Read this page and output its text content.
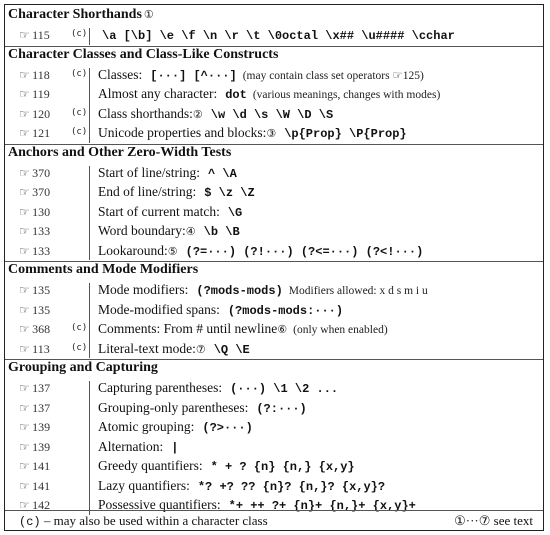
Character Shorthands ①
☞  115 (c) \a [\b] \e \f \n \r \t \0octal \x## \u#### \cchar
Character Classes and Class-Like Constructs
☞  118 (c) Classes: [···] [^···] (may contain class set operators ☞125)
☞  119	Almost any character: dot (various meanings, changes with modes)
☞  120 (c) Class shorthands:② \w \d \s \W \D \S
☞  121 (c) Unicode properties and blocks:③ \p{Prop} \P{Prop}
Anchors and Other Zero-Width Tests
☞  370	Start of line/string: ^ \A
☞  370	End of line/string: $ \z \Z
☞  130	Start of current match: \G
☞  133	Word boundary:④ \b \B
☞  133	Lookaround:⑤ (?=···) (?!···) (?<=···) (?<!···)
Comments and Mode Modifiers
☞  135	Mode modifiers: (?mods-mods) Modifiers allowed: x d s m i u
☞  135	Mode-modified spans: (?mods-mods:···)
☞  368 (c) Comments: From # until newline⑥ (only when enabled)
☞  113 (c) Literal-text mode:⑦ \Q \E
Grouping and Capturing
☞  137	Capturing parentheses: (···) \1 \2 ...
☞  137	Grouping-only parentheses: (?:···)
☞  139	Atomic grouping: (?>···)
☞  139	Alternation: |
☞  141	Greedy quantifiers: * + ? {n} {n,} {x,y}
☞  141	Lazy quantifiers: *? +? ?? {n}? {n,}? {x,y}?
☞  142	Possessive quantifiers: *+ ++ ?+ {n}+ {n,}+ {x,y}+
(c) – may also be used within a character class	①···⑦ see text
